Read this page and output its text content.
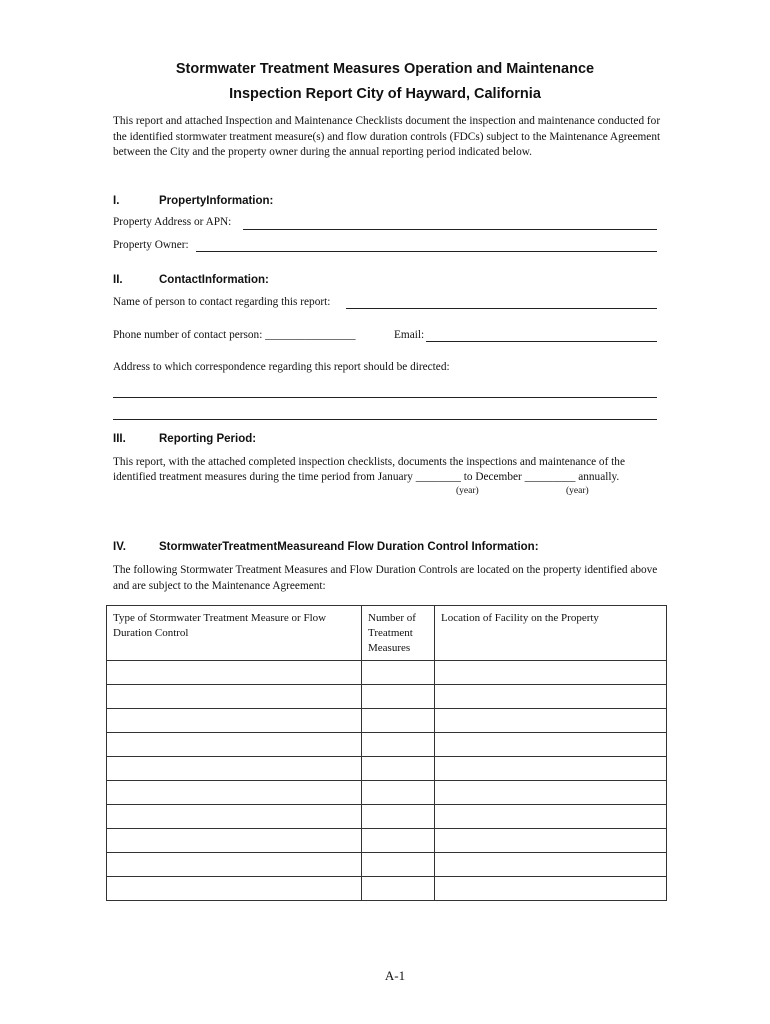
Stormwater Treatment Measures Operation and Maintenance
Inspection Report City of Hayward, California
This report and attached Inspection and Maintenance Checklists document the inspection and maintenance conducted for the identified stormwater treatment measure(s) and flow duration controls (FDCs) subject to the Maintenance Agreement between the City and the property owner during the annual reporting period indicated below.
I.	PropertyInformation:
Property Address or APN:
Property Owner:
II.	ContactInformation:
Name of person to contact regarding this report:
Phone number of contact person: ________________	Email:
Address to which correspondence regarding this report should be directed:
III.	Reporting Period:
This report, with the attached completed inspection checklists, documents the inspections and maintenance of the
identified treatment measures during the time period from January ________ to December _________ annually.
(year)	(year)
IV.	StormwaterTreatmentMeasureand Flow Duration Control Information:
The following Stormwater Treatment Measures and Flow Duration Controls are located on the property identified above and are subject to the Maintenance Agreement:
Type of Stormwater Treatment Measure or Flow Duration Control	Number of Treatment Measures	Location of Facility on the Property

A-1
